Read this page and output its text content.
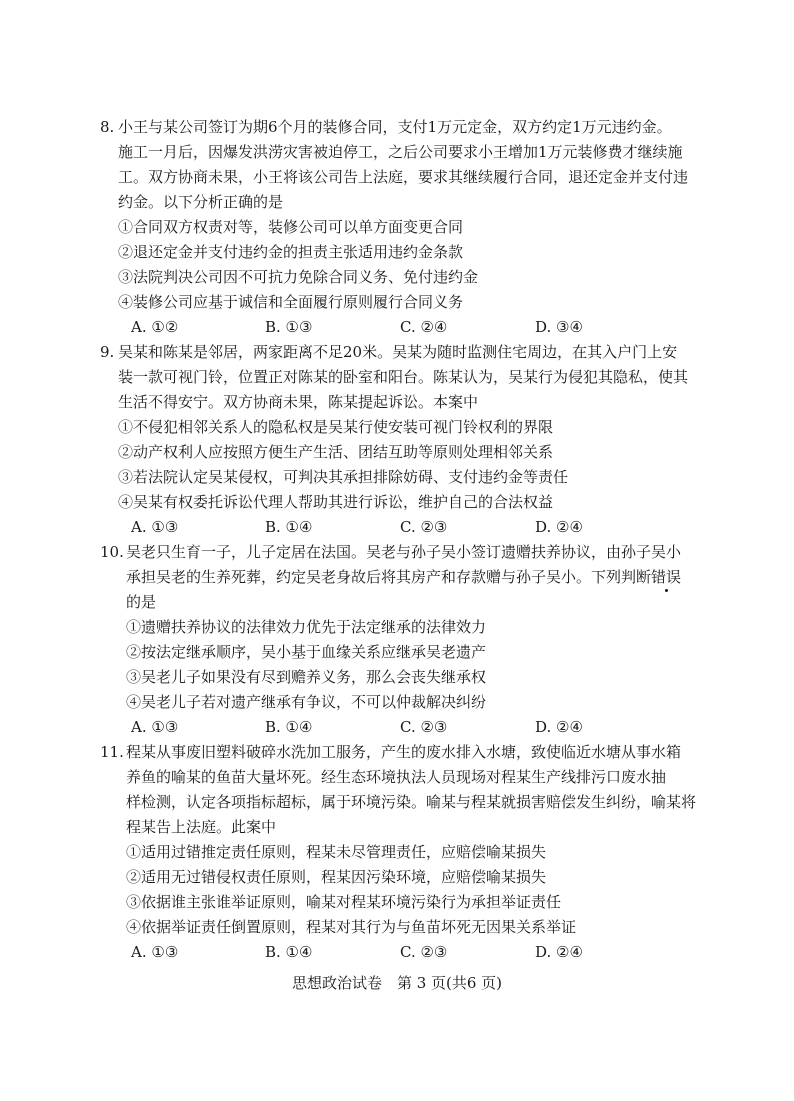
8. 小王与某公司签订为期6个月的装修合同，支付1万元定金，双方约定1万元违约金。
施工一月后，因爆发洪涝灾害被迫停工，之后公司要求小王增加1万元装修费才继续施
工。双方协商未果，小王将该公司告上法庭，要求其继续履行合同，退还定金并支付违
约金。以下分析正确的是
①合同双方权责对等，装修公司可以单方面变更合同
②退还定金并支付违约金的担责主张适用违约金条款
③法院判决公司因不可抗力免除合同义务、免付违约金
④装修公司应基于诚信和全面履行原则履行合同义务
A. ①②	B. ①③	C. ②④	D. ③④
9. 吴某和陈某是邻居，两家距离不足20米。吴某为随时监测住宅周边，在其入户门上安
装一款可视门铃，位置正对陈某的卧室和阳台。陈某认为，吴某行为侵犯其隐私，使其
生活不得安宁。双方协商未果，陈某提起诉讼。本案中
①不侵犯相邻关系人的隐私权是吴某行使安装可视门铃权利的界限
②动产权利人应按照方便生产生活、团结互助等原则处理相邻关系
③若法院认定吴某侵权，可判决其承担排除妨碍、支付违约金等责任
④吴某有权委托诉讼代理人帮助其进行诉讼，维护自己的合法权益
A. ①③	B. ①④	C. ②③	D. ②④
10. 吴老只生育一子，儿子定居在法国。吴老与孙子吴小签订遗赠扶养协议，由孙子吴小
承担吴老的生养死葬，约定吴老身故后将其房产和存款赠与孙子吴小。下列判断错误
的是
①遗赠扶养协议的法律效力优先于法定继承的法律效力
②按法定继承顺序，吴小基于血缘关系应继承吴老遗产
③吴老儿子如果没有尽到赡养义务，那么会丧失继承权
④吴老儿子若对遗产继承有争议，不可以仲裁解决纠纷
A. ①③	B. ①④	C. ②③	D. ②④
11. 程某从事废旧塑料破碎水洗加工服务，产生的废水排入水塘，致使临近水塘从事水箱
养鱼的喻某的鱼苗大量坏死。经生态环境执法人员现场对程某生产线排污口废水抽
样检测，认定各项指标超标，属于环境污染。喻某与程某就损害赔偿发生纠纷，喻某将
程某告上法庭。此案中
①适用过错推定责任原则，程某未尽管理责任，应赔偿喻某损失
②适用无过错侵权责任原则，程某因污染环境，应赔偿喻某损失
③依据谁主张谁举证原则，喻某对程某环境污染行为承担举证责任
④依据举证责任倒置原则，程某对其行为与鱼苗坏死无因果关系举证
A. ①③	B. ①④	C. ②③	D. ②④
思想政治试卷　第 3 页(共6 页)
